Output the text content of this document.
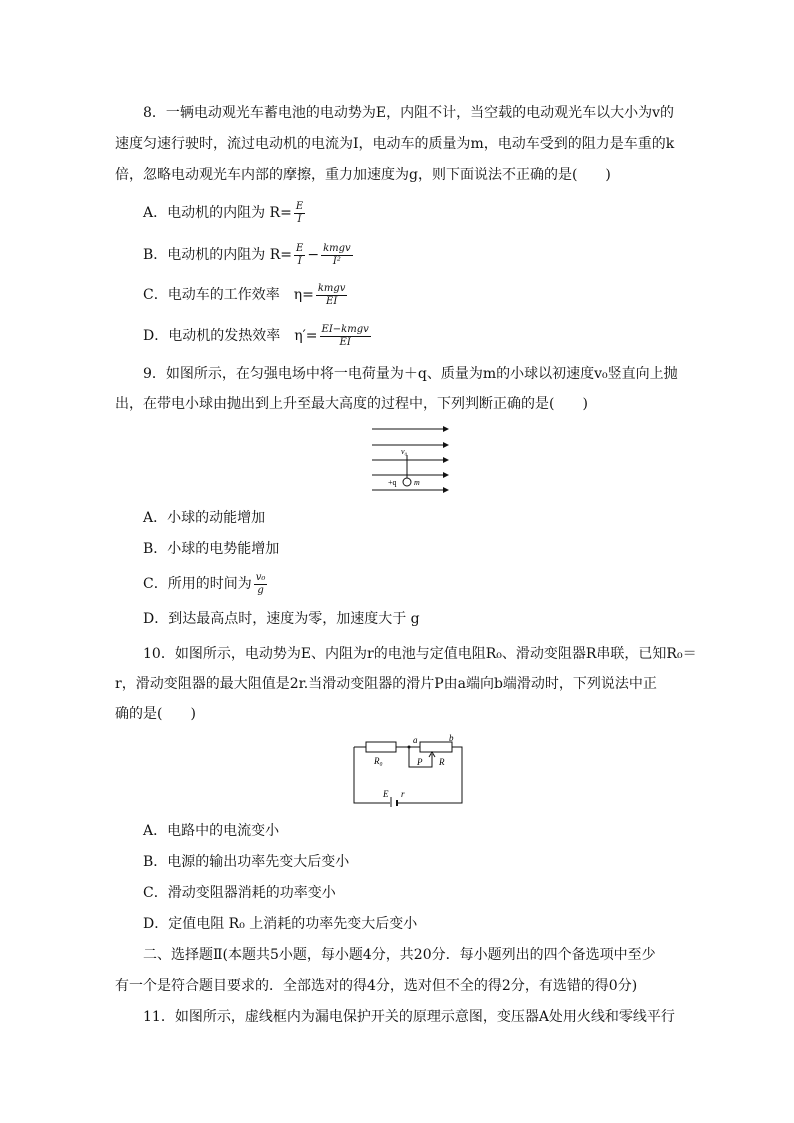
8．一辆电动观光车蓄电池的电动势为E，内阻不计，当空载的电动观光车以大小为v的
速度匀速行驶时，流过电动机的电流为I，电动车的质量为m，电动车受到的阻力是车重的k
倍，忽略电动观光车内部的摩擦，重力加速度为g，则下面说法不正确的是(　　)
A．电动机的内阻为 $R= \frac{E}{I}$
B．电动机的内阻为 $R= \frac{E}{I} - \frac{\text{kmgv}}{\text{I²}}$
C．电动车的工作效率　$\eta= \frac{\text{kmgv}}{EI}$
D．电动机的发热效率　$\eta'= \frac{\text{EI−kmgv}}{EI}$
9．如图所示，在匀强电场中将一电荷量为＋q、质量为m的小球以初速度v₀竖直向上抛
出，在带电小球由抛出到上升至最大高度的过程中，下列判断正确的是(　　)
v₀
+q m
A．小球的动能增加
B．小球的电势能增加
C．所用的时间为 $\frac{\text{v₀}}{g}$
D．到达最高点时，速度为零，加速度大于 g
10．如图所示，电动势为E、内阻为r的电池与定值电阻R₀、滑动变阻器R串联，已知R₀＝
r，滑动变阻器的最大阻值是2r.当滑动变阻器的滑片P由a端向b端滑动时，下列说法中正
确的是(　　)
R₀
a	b
P R
E r
A．电路中的电流变小
B．电源的输出功率先变大后变小
C．滑动变阻器消耗的功率变小
D．定值电阻 R₀ 上消耗的功率先变大后变小
二、选择题Ⅱ(本题共5小题，每小题4分，共20分．每小题列出的四个备选项中至少
有一个是符合题目要求的．全部选对的得4分，选对但不全的得2分，有选错的得0分)
11．如图所示，虚线框内为漏电保护开关的原理示意图，变压器A处用火线和零线平行
